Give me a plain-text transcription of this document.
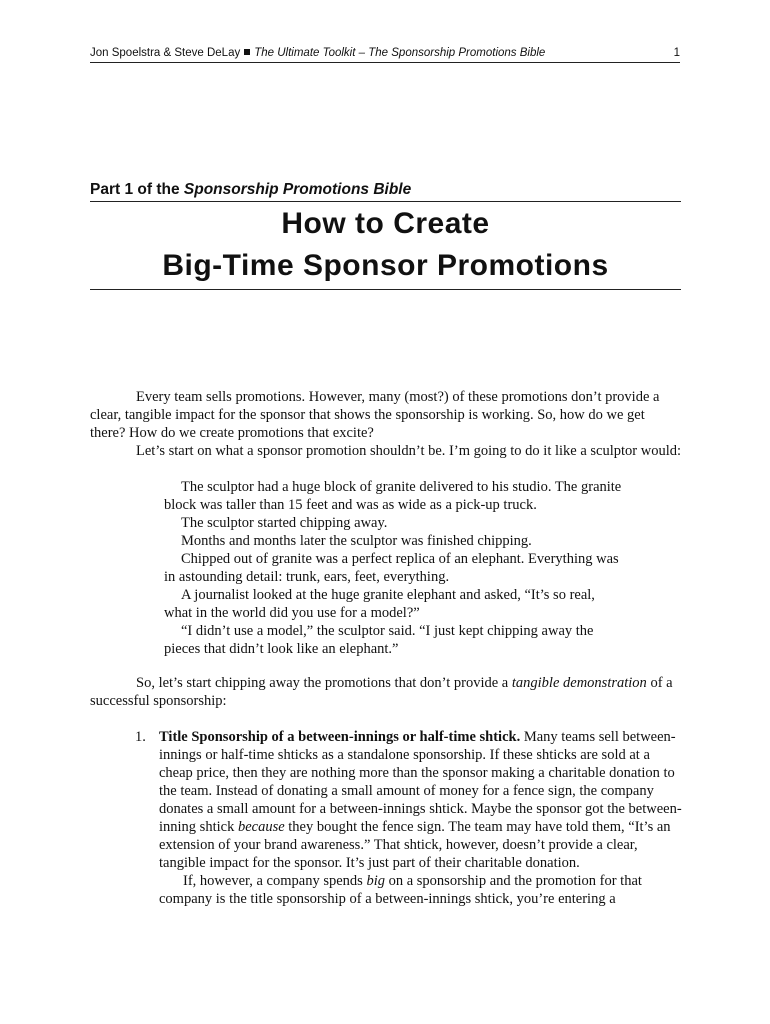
Jon Spoelstra & Steve DeLay The Ultimate Toolkit – The Sponsorship Promotions Bible	1
Part 1 of the Sponsorship Promotions Bible
How to Create
Big-Time Sponsor Promotions

Every team sells promotions. However, many (most?) of these promotions don’t provide a clear, tangible impact for the sponsor that shows the sponsorship is working. So, how do we get there? How do we create promotions that excite?

Let’s start on what a sponsor promotion shouldn’t be. I’m going to do it like a sculptor would:

The sculptor had a huge block of granite delivered to his studio. The granite block was taller than 15 feet and was as wide as a pick-up truck.

The sculptor started chipping away.

Months and months later the sculptor was finished chipping.

Chipped out of granite was a perfect replica of an elephant. Everything was in astounding detail: trunk, ears, feet, everything.

A journalist looked at the huge granite elephant and asked, “It’s so real, what in the world did you use for a model?”

“I didn’t use a model,” the sculptor said. “I just kept chipping away the pieces that didn’t look like an elephant.”

So, let’s start chipping away the promotions that don’t provide a tangible demonstration of a successful sponsorship:

1. Title Sponsorship of a between-innings or half-time shtick. Many teams sell between-innings or half-time shticks as a standalone sponsorship. If these shticks are sold at a cheap price, then they are nothing more than the sponsor making a charitable donation to the team. Instead of donating a small amount of money for a fence sign, the company donates a small amount for a between-innings shtick. Maybe the sponsor got the between-inning shtick because they bought the fence sign. The team may have told them, “It’s an extension of your brand awareness.” That shtick, however, doesn’t provide a clear, tangible impact for the sponsor. It’s just part of their charitable donation.

If, however, a company spends big on a sponsorship and the promotion for that company is the title sponsorship of a between-innings shtick, you’re entering a
